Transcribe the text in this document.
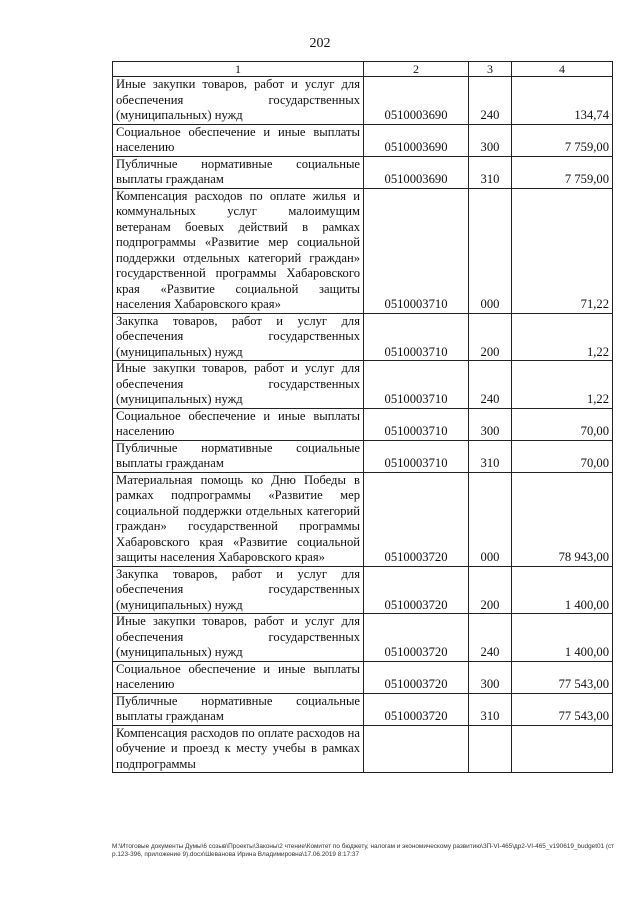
202
1	2	3	4
Иные закупки товаров, работ и услуг для обеспечения государственных (муниципальных) нужд	0510003690	240	134,74
Социальное обеспечение и иные выплаты населению	0510003690	300	7 759,00
Публичные нормативные социальные выплаты гражданам	0510003690	310	7 759,00
Компенсация расходов по оплате жилья и коммунальных услуг малоимущим ветеранам боевых действий в рамках подпрограммы «Развитие мер социальной поддержки отдельных категорий граждан» государственной программы Хабаровского края «Развитие социальной защиты населения Хабаровского края»	0510003710	000	71,22
Закупка товаров, работ и услуг для обеспечения государственных (муниципальных) нужд	0510003710	200	1,22
Иные закупки товаров, работ и услуг для обеспечения государственных (муниципальных) нужд	0510003710	240	1,22
Социальное обеспечение и иные выплаты населению	0510003710	300	70,00
Публичные нормативные социальные выплаты гражданам	0510003710	310	70,00
Материальная помощь ко Дню Победы в рамках подпрограммы «Развитие мер социальной поддержки отдельных категорий граждан» государственной программы Хабаровского края «Развитие социальной защиты населения Хабаровского края»	0510003720	000	78 943,00
Закупка товаров, работ и услуг для обеспечения государственных (муниципальных) нужд	0510003720	200	1 400,00
Иные закупки товаров, работ и услуг для обеспечения государственных (муниципальных) нужд	0510003720	240	1 400,00
Социальное обеспечение и иные выплаты населению	0510003720	300	77 543,00
Публичные нормативные социальные выплаты гражданам	0510003720	310	77 543,00
Компенсация расходов по оплате расходов на обучение и проезд к месту учебы в рамках подпрограммы			
М:\Итоговые документы Думы\6 созыв\Проекты\Законы\2 чтение\Комитет по бюджету, налогам и экономическому развитию\ЗП-VI-465\др2-VI-465_v190619_budget01 (стр.123-396, приложение 9).docx\Шеванова Ирина Владимировна\17.06.2019 8:17:37
